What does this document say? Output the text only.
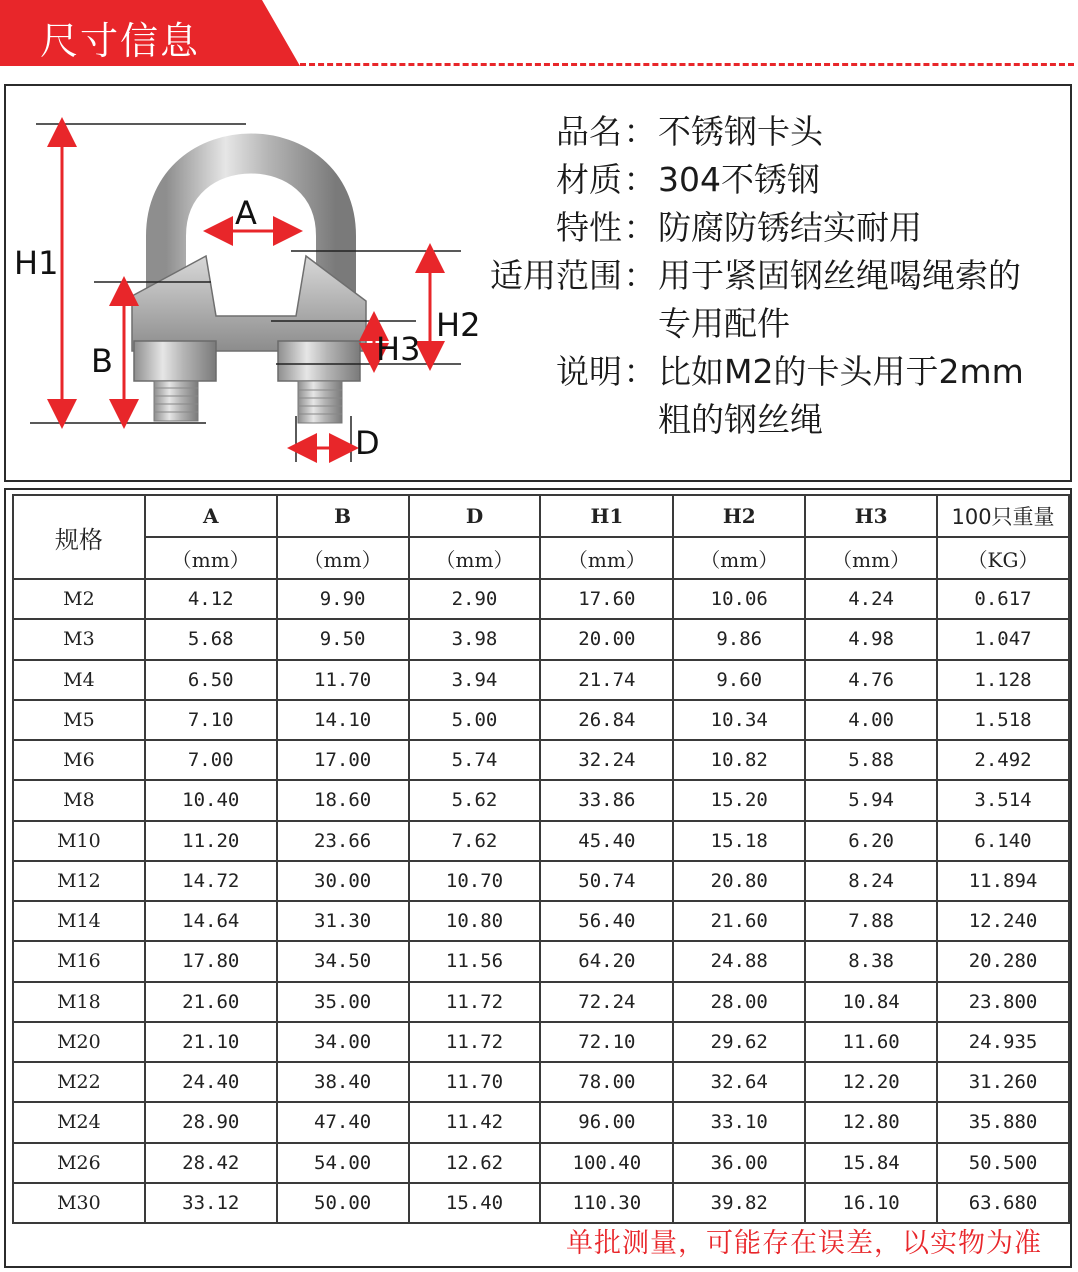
尺寸信息
H1
B
A
H2
H3
D
品名 ： 不锈钢卡头
材质 ： 304不锈钢
特性 ： 防腐防锈结实耐用
适用范围 ： 用于紧固钢丝绳喝绳索的
专用配件
说明 ： 比如M2的卡头用于2mm
粗的钢丝绳
规格	A	B	D	H1	H2	H3	100只重量
	（mm）	（mm）	（mm）	（mm）	（mm）	（mm）	（KG）
M2	4.12	9.90	2.90	17.60	10.06	4.24	0.617
M3	5.68	9.50	3.98	20.00	9.86	4.98	1.047
M4	6.50	11.70	3.94	21.74	9.60	4.76	1.128
M5	7.10	14.10	5.00	26.84	10.34	4.00	1.518
M6	7.00	17.00	5.74	32.24	10.82	5.88	2.492
M8	10.40	18.60	5.62	33.86	15.20	5.94	3.514
M10	11.20	23.66	7.62	45.40	15.18	6.20	6.140
M12	14.72	30.00	10.70	50.74	20.80	8.24	11.894
M14	14.64	31.30	10.80	56.40	21.60	7.88	12.240
M16	17.80	34.50	11.56	64.20	24.88	8.38	20.280
M18	21.60	35.00	11.72	72.24	28.00	10.84	23.800
M20	21.10	34.00	11.72	72.10	29.62	11.60	24.935
M22	24.40	38.40	11.70	78.00	32.64	12.20	31.260
M24	28.90	47.40	11.42	96.00	33.10	12.80	35.880
M26	28.42	54.00	12.62	100.40	36.00	15.84	50.500
M30	33.12	50.00	15.40	110.30	39.82	16.10	63.680
单批测量，可能存在误差，以实物为准
